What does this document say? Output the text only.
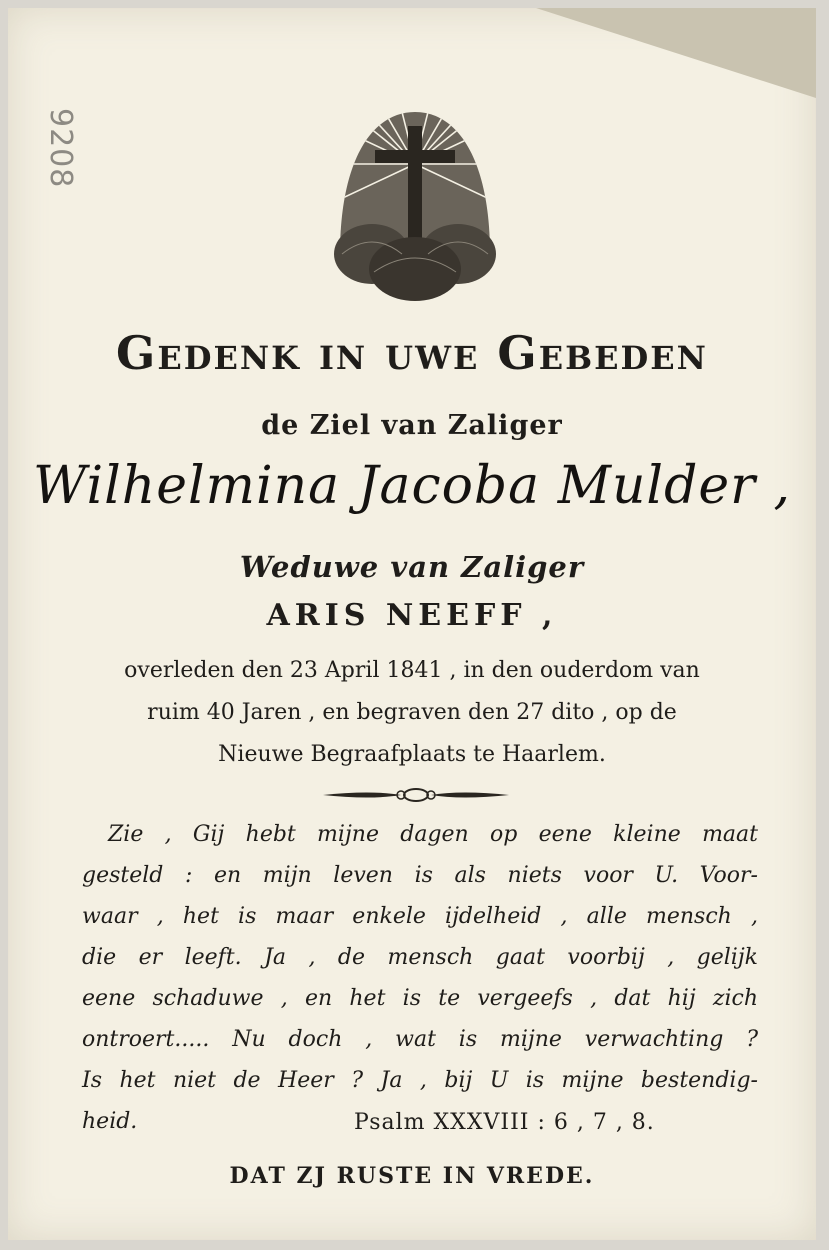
9208
Gedenk in uwe Gebeden
de Ziel van Zaliger
Wilhelmina Jacoba Mulder ,
Weduwe van Zaliger
ARIS NEEFF ,
overleden den 23 April 1841 , in den ouderdom van
ruim 40 Jaren , en begraven den 27 dito , op de
Nieuwe Begraafplaats te Haarlem.
Zie , Gij hebt mijne dagen op eene kleine maat
gesteld : en mijn leven is als niets voor U. Voor-
waar , het is maar enkele ijdelheid , alle mensch ,
die er leeft. Ja , de mensch gaat voorbij , gelijk
eene schaduwe , en het is te vergeefs , dat hij zich
ontroert..... Nu doch , wat is mijne verwachting ?
Is het niet de Heer ? Ja , bij U is mijne bestendig-
heid.	Psalm XXXVIII : 6 , 7 , 8.
DAT ZJ RUSTE IN VREDE.
